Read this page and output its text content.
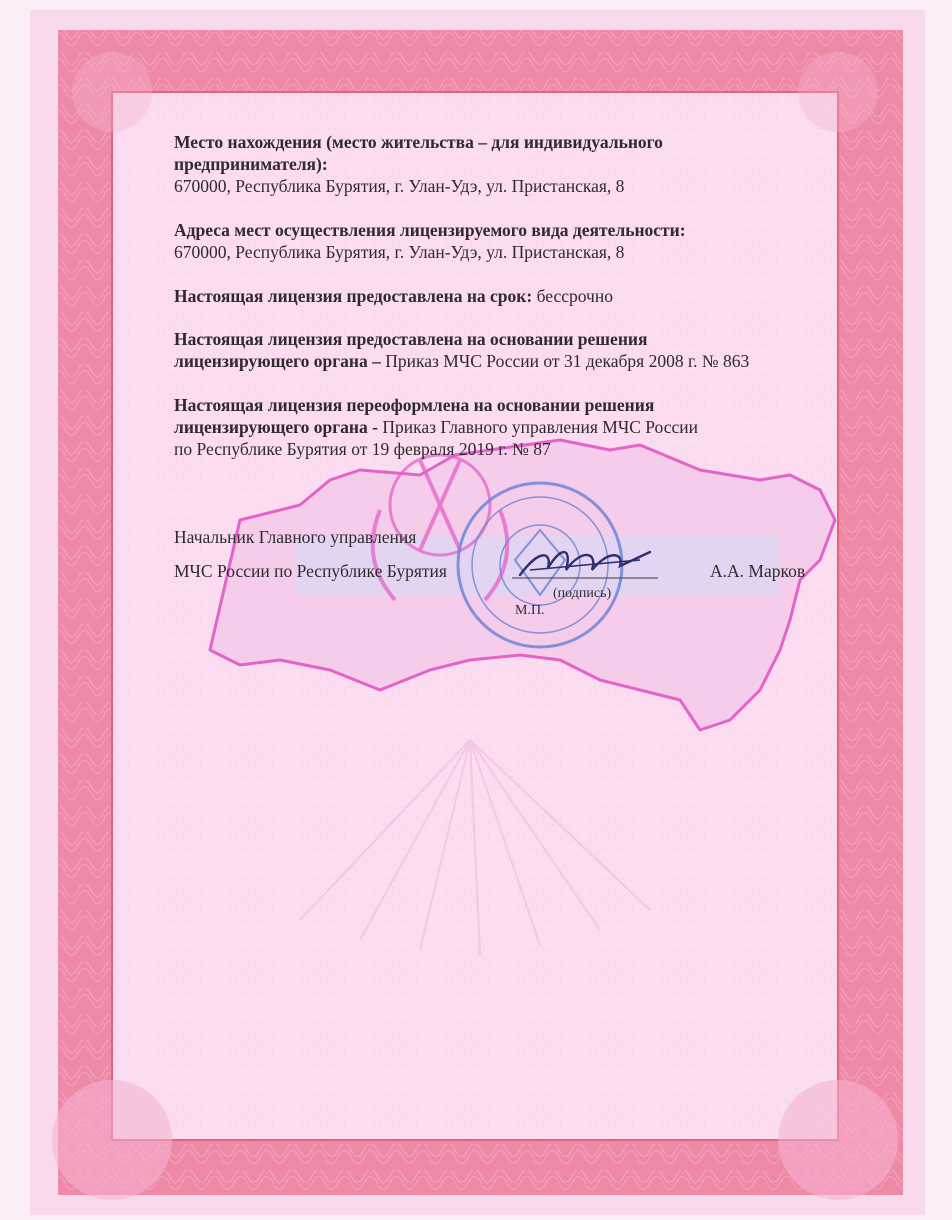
Место нахождения (место жительства – для индивидуального
предпринимателя):
670000, Республика Бурятия, г. Улан-Удэ, ул. Пристанская, 8
Адреса мест осуществления лицензируемого вида деятельности:
670000, Республика Бурятия, г. Улан-Удэ, ул. Пристанская, 8
Настоящая лицензия предоставлена на срок: бессрочно
Настоящая лицензия предоставлена на основании решения
лицензирующего органа – Приказ МЧС России от 31 декабря 2008 г. № 863
Настоящая лицензия переоформлена на основании решения
лицензирующего органа - Приказ Главного управления МЧС России
по Республике Бурятия от 19 февраля 2019 г. № 87
Начальник Главного управления
МЧС России по Республике Бурятия
(подпись)
М.П.
А.А. Марков
